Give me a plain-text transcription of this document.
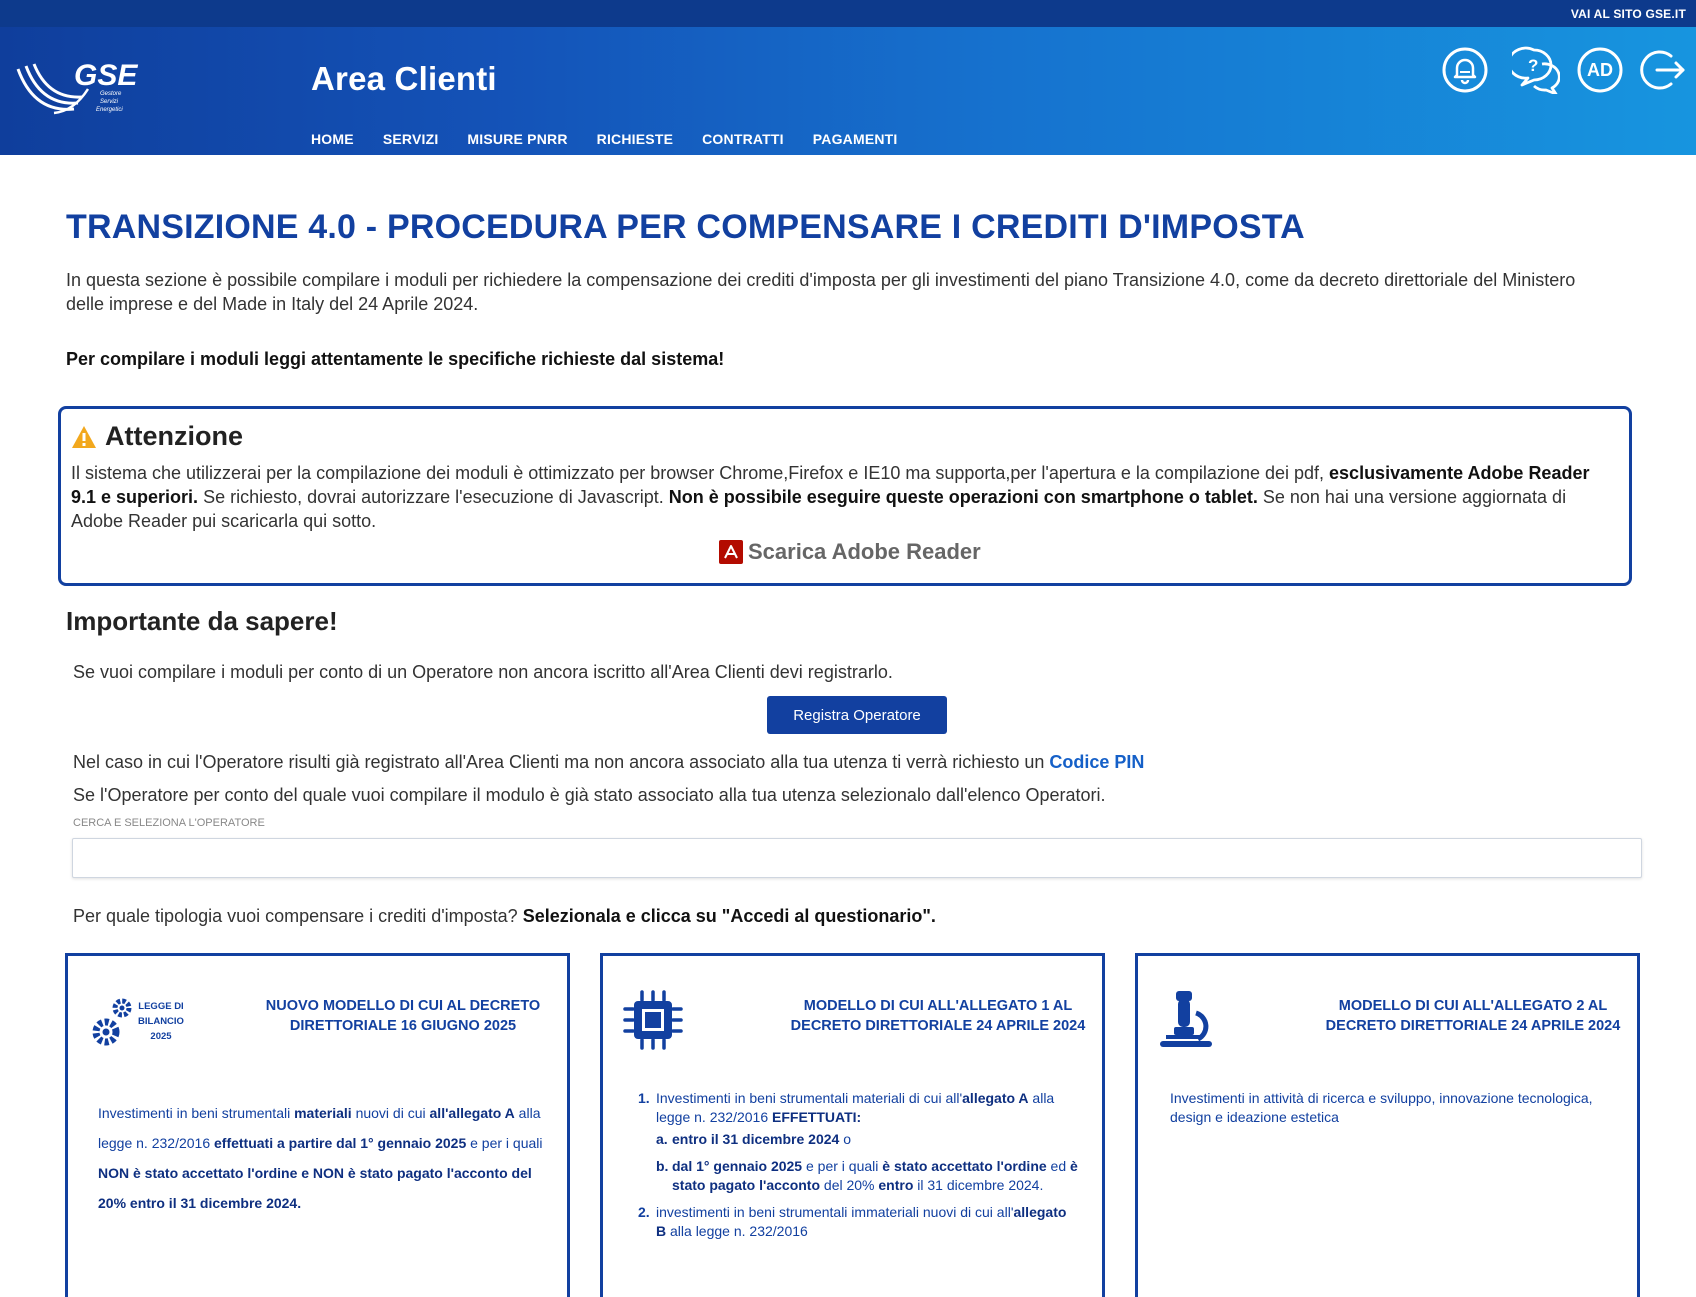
VAI AL SITO GSE.IT
GSE
Gestore
Servizi
Energetici
Area Clienti
HOME SERVIZI MISURE PNRR RICHIESTE CONTRATTI PAGAMENTI
?	AD
TRANSIZIONE 4.0 - PROCEDURA PER COMPENSARE I CREDITI D'IMPOSTA

In questa sezione è possibile compilare i moduli per richiedere la compensazione dei crediti d'imposta per gli investimenti del piano Transizione 4.0, come da decreto direttoriale del Ministero delle imprese e del Made in Italy del 24 Aprile 2024.

Per compilare i moduli leggi attentamente le specifiche richieste dal sistema!

Attenzione

Il sistema che utilizzerai per la compilazione dei moduli è ottimizzato per browser Chrome,Firefox e IE10 ma supporta,per l'apertura e la compilazione dei pdf, esclusivamente Adobe Reader 9.1 e superiori. Se richiesto, dovrai autorizzare l'esecuzione di Javascript. Non è possibile eseguire queste operazioni con smartphone o tablet. Se non hai una versione aggiornata di Adobe Reader pui scaricarla qui sotto.

Scarica Adobe Reader
Importante da sapere!

Se vuoi compilare i moduli per conto di un Operatore non ancora iscritto all'Area Clienti devi registrarlo.

Registra Operatore

Nel caso in cui l'Operatore risulti già registrato all'Area Clienti ma non ancora associato alla tua utenza ti verrà richiesto un Codice PIN

Se l'Operatore per conto del quale vuoi compilare il modulo è già stato associato alla tua utenza selezionalo dall'elenco Operatori.

CERCA E SELEZIONA L'OPERATORE

Per quale tipologia vuoi compensare i crediti d'imposta? Selezionala e clicca su "Accedi al questionario".

LEGGE DI
BILANCIO
2025
NUOVO MODELLO DI CUI AL DECRETO DIRETTORIALE 16 GIUGNO 2025

Investimenti in beni strumentali materiali nuovi di cui all'allegato A alla legge n. 232/2016 effettuati a partire dal 1° gennaio 2025 e per i quali NON è stato accettato l'ordine e NON è stato pagato l'acconto del 20% entro il 31 dicembre 2024.

MODELLO DI CUI ALL'ALLEGATO 1 AL DECRETO DIRETTORIALE 24 APRILE 2024
1. Investimenti in beni strumentali materiali di cui all'allegato A alla legge n. 232/2016 EFFETTUATI:
a. entro il 31 dicembre 2024 o
b. dal 1° gennaio 2025 e per i quali è stato accettato l'ordine ed è stato pagato l'acconto del 20% entro il 31 dicembre 2024.
2. investimenti in beni strumentali immateriali nuovi di cui all'allegato B alla legge n. 232/2016
MODELLO DI CUI ALL'ALLEGATO 2 AL DECRETO DIRETTORIALE 24 APRILE 2024

Investimenti in attività di ricerca e sviluppo, innovazione tecnologica, design e ideazione estetica
